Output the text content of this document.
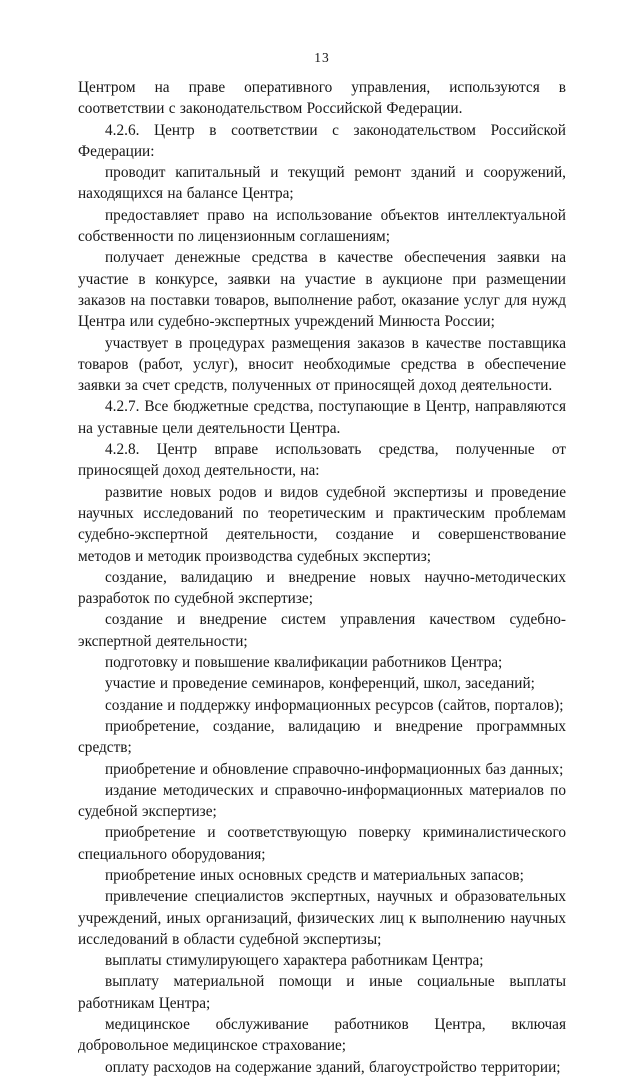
13
Центром на праве оперативного управления, используются в соответствии с законодательством Российской Федерации.
4.2.6. Центр в соответствии с законодательством Российской Федерации:
проводит капитальный и текущий ремонт зданий и сооружений, находящихся на балансе Центра;
предоставляет право на использование объектов интеллектуальной собственности по лицензионным соглашениям;
получает денежные средства в качестве обеспечения заявки на участие в конкурсе, заявки на участие в аукционе при размещении заказов на поставки товаров, выполнение работ, оказание услуг для нужд Центра или судебно-экспертных учреждений Минюста России;
участвует в процедурах размещения заказов в качестве поставщика товаров (работ, услуг), вносит необходимые средства в обеспечение заявки за счет средств, полученных от приносящей доход деятельности.
4.2.7. Все бюджетные средства, поступающие в Центр, направляются на уставные цели деятельности Центра.
4.2.8. Центр вправе использовать средства, полученные от приносящей доход деятельности, на:
развитие новых родов и видов судебной экспертизы и проведение научных исследований по теоретическим и практическим проблемам судебно-экспертной деятельности, создание и совершенствование методов и методик производства судебных экспертиз;
создание, валидацию и внедрение новых научно-методических разработок по судебной экспертизе;
создание и внедрение систем управления качеством судебно-экспертной деятельности;
подготовку и повышение квалификации работников Центра;
участие и проведение семинаров, конференций, школ, заседаний;
создание и поддержку информационных ресурсов (сайтов, порталов);
приобретение, создание, валидацию и внедрение программных средств;
приобретение и обновление справочно-информационных баз данных;
издание методических и справочно-информационных материалов по судебной экспертизе;
приобретение и соответствующую поверку криминалистического специального оборудования;
приобретение иных основных средств и материальных запасов;
привлечение специалистов экспертных, научных и образовательных учреждений, иных организаций, физических лиц к выполнению научных исследований в области судебной экспертизы;
выплаты стимулирующего характера работникам Центра;
выплату материальной помощи и иные социальные выплаты работникам Центра;
медицинское обслуживание работников Центра, включая добровольное медицинское страхование;
оплату расходов на содержание зданий, благоустройство территории;
